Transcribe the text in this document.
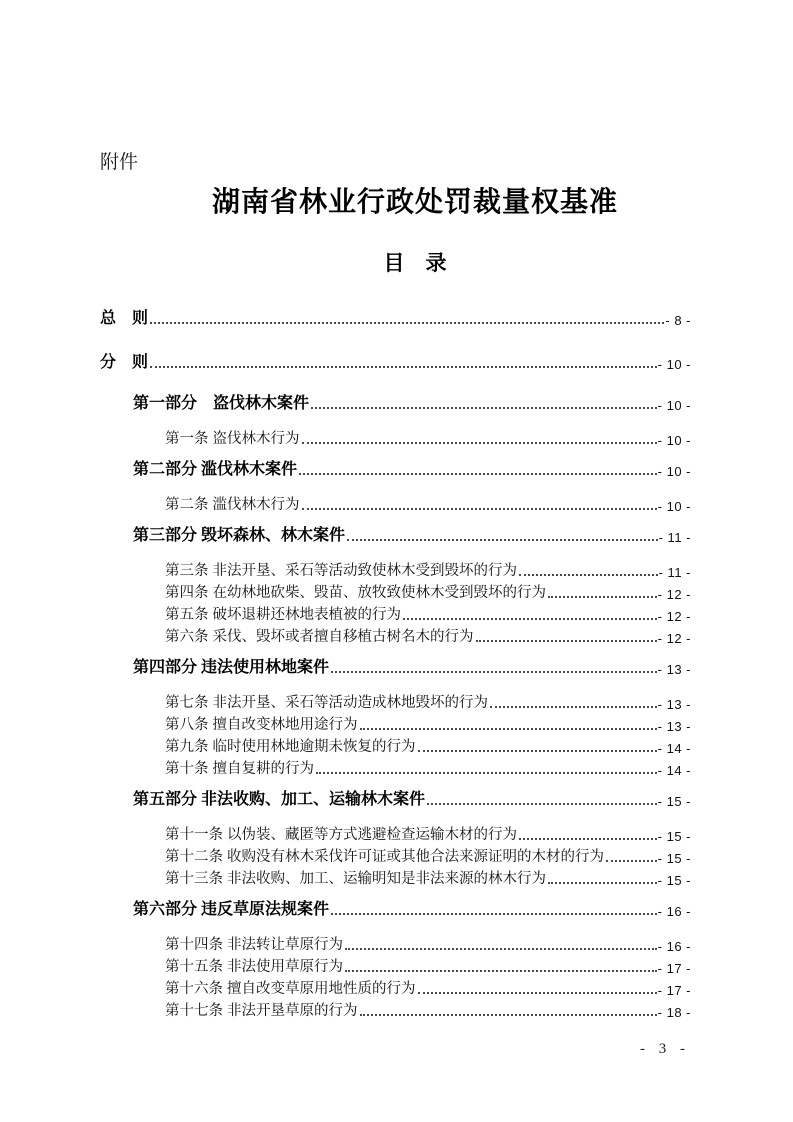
附件
湖南省林业行政处罚裁量权基准
目　录
总　则	- 8 -
分　则	- 10 -
第一部分　盗伐林木案件	- 10 -
第一条 盗伐林木行为	- 10 -
第二部分 滥伐林木案件	- 10 -
第二条 滥伐林木行为	- 10 -
第三部分 毁坏森林、林木案件	- 11 -
第三条 非法开垦、采石等活动致使林木受到毁坏的行为	- 11 -
第四条 在幼林地砍柴、毁苗、放牧致使林木受到毁坏的行为	- 12 -
第五条 破坏退耕还林地表植被的行为	- 12 -
第六条 采伐、毁坏或者擅自移植古树名木的行为	- 12 -
第四部分 违法使用林地案件	- 13 -
第七条 非法开垦、采石等活动造成林地毁坏的行为	- 13 -
第八条 擅自改变林地用途行为	- 13 -
第九条 临时使用林地逾期未恢复的行为	- 14 -
第十条 擅自复耕的行为	- 14 -
第五部分 非法收购、加工、运输林木案件	- 15 -
第十一条 以伪装、藏匿等方式逃避检查运输木材的行为	- 15 -
第十二条 收购没有林木采伐许可证或其他合法来源证明的木材的行为	- 15 -
第十三条 非法收购、加工、运输明知是非法来源的林木行为	- 15 -
第六部分 违反草原法规案件	- 16 -
第十四条 非法转让草原行为	- 16 -
第十五条 非法使用草原行为	- 17 -
第十六条 擅自改变草原用地性质的行为	- 17 -
第十七条 非法开垦草原的行为	- 18 -
- 3 -
